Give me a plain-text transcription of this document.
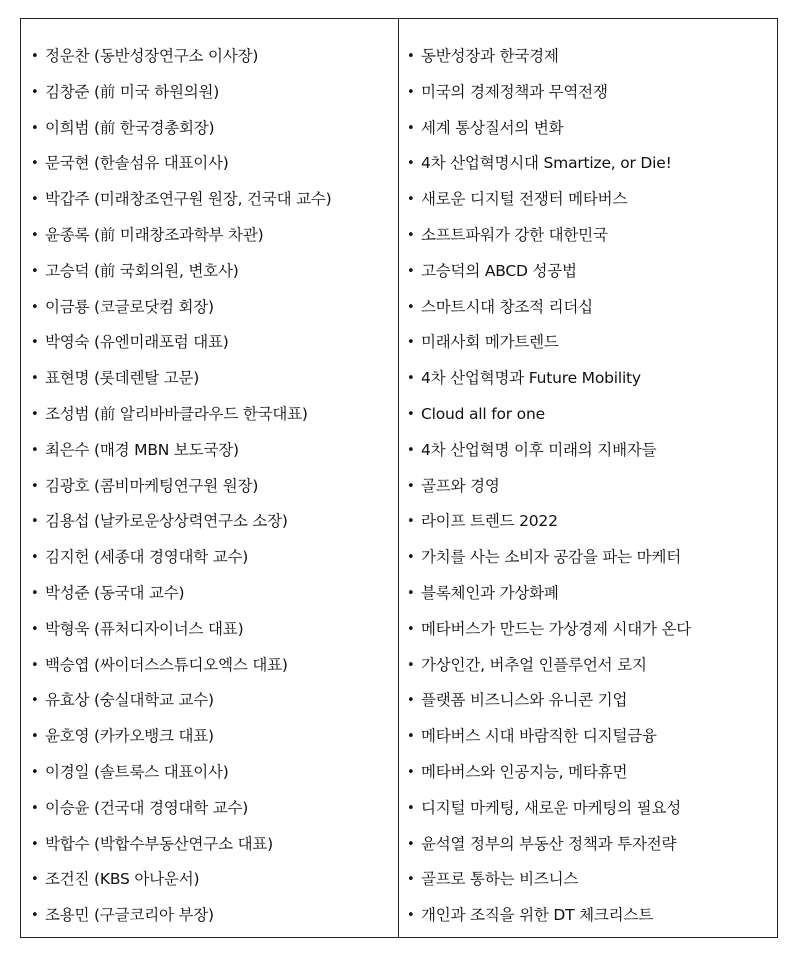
• 정운찬 (동반성장연구소 이사장)
• 김창준 (前 미국 하원의원)
• 이희범 (前 한국경총회장)
• 문국현 (한솔섬유 대표이사)
• 박갑주 (미래창조연구원 원장, 건국대 교수)
• 윤종록 (前 미래창조과학부 차관)
• 고승덕 (前 국회의원, 변호사)
• 이금룡 (코글로닷컴 회장)
• 박영숙 (유엔미래포럼 대표)
• 표현명 (롯데렌탈 고문)
• 조성범 (前 알리바바클라우드 한국대표)
• 최은수 (매경 MBN 보도국장)
• 김광호 (콤비마케팅연구원 원장)
• 김용섭 (날카로운상상력연구소 소장)
• 김지헌 (세종대 경영대학 교수)
• 박성준 (동국대 교수)
• 박형욱 (퓨처디자이너스 대표)
• 백승엽 (싸이더스스튜디오엑스 대표)
• 유효상 (숭실대학교 교수)
• 윤호영 (카카오뱅크 대표)
• 이경일 (솔트룩스 대표이사)
• 이승윤 (건국대 경영대학 교수)
• 박합수 (박합수부동산연구소 대표)
• 조건진 (KBS 아나운서)
• 조용민 (구글코리아 부장)
• 동반성장과 한국경제
• 미국의 경제정책과 무역전쟁
• 세계 통상질서의 변화
• 4차 산업혁명시대 Smartize, or Die!
• 새로운 디지털 전쟁터 메타버스
• 소프트파워가 강한 대한민국
• 고승덕의 ABCD 성공법
• 스마트시대 창조적 리더십
• 미래사회 메가트렌드
• 4차 산업혁명과 Future Mobility
• Cloud all for one
• 4차 산업혁명 이후 미래의 지배자들
• 골프와 경영
• 라이프 트렌드 2022
• 가치를 사는 소비자 공감을 파는 마케터
• 블록체인과 가상화폐
• 메타버스가 만드는 가상경제 시대가 온다
• 가상인간, 버추얼 인플루언서 로지
• 플랫폼 비즈니스와 유니콘 기업
• 메타버스 시대 바람직한 디지털금융
• 메타버스와 인공지능, 메타휴먼
• 디지털 마케팅, 새로운 마케팅의 필요성
• 윤석열 정부의 부동산 정책과 투자전략
• 골프로 통하는 비즈니스
• 개인과 조직을 위한 DT 체크리스트
